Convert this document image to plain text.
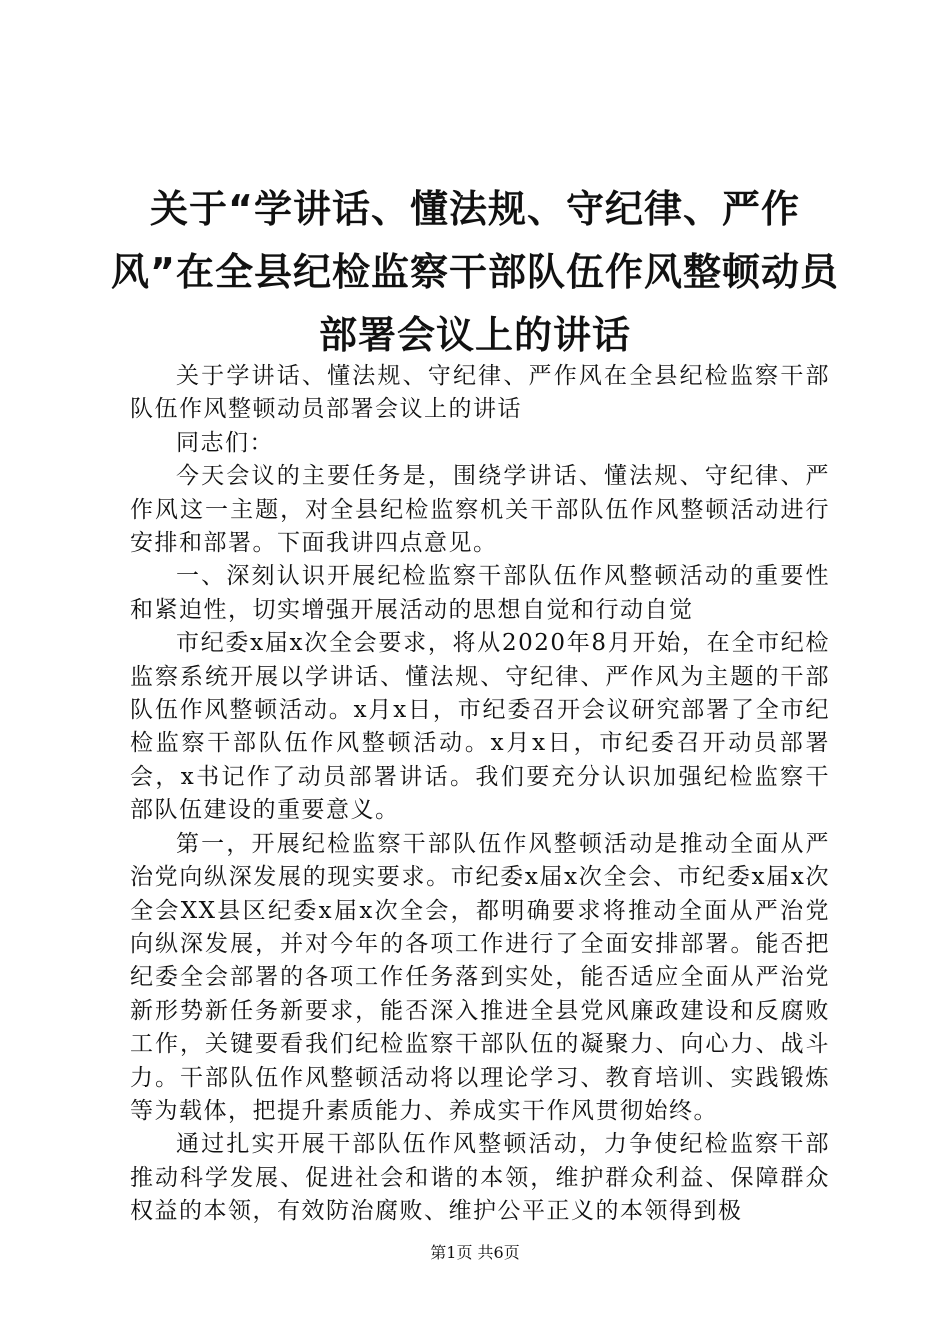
关于“学讲话、懂法规、守纪律、严作风”在全县纪检监察干部队伍作风整顿动员部署会议上的讲话

关于学讲话、懂法规、守纪律、严作风在全县纪检监察干部队伍作风整顿动员部署会议上的讲话

同志们：

今天会议的主要任务是，围绕学讲话、懂法规、守纪律、严作风这一主题，对全县纪检监察机关干部队伍作风整顿活动进行安排和部署。下面我讲四点意见。

一、深刻认识开展纪检监察干部队伍作风整顿活动的重要性和紧迫性，切实增强开展活动的思想自觉和行动自觉

市纪委x届x次全会要求，将从2020年8月开始，在全市纪检监察系统开展以学讲话、懂法规、守纪律、严作风为主题的干部队伍作风整顿活动。x月x日，市纪委召开会议研究部署了全市纪检监察干部队伍作风整顿活动。x月x日，市纪委召开动员部署会，x书记作了动员部署讲话。我们要充分认识加强纪检监察干部队伍建设的重要意义。

第一，开展纪检监察干部队伍作风整顿活动是推动全面从严治党向纵深发展的现实要求。市纪委x届x次全会、市纪委x届x次全会XX县区纪委x届x次全会，都明确要求将推动全面从严治党向纵深发展，并对今年的各项工作进行了全面安排部署。能否把纪委全会部署的各项工作任务落到实处，能否适应全面从严治党新形势新任务新要求，能否深入推进全县党风廉政建设和反腐败工作，关键要看我们纪检监察干部队伍的凝聚力、向心力、战斗力。干部队伍作风整顿活动将以理论学习、教育培训、实践锻炼等为载体，把提升素质能力、养成实干作风贯彻始终。

通过扎实开展干部队伍作风整顿活动，力争使纪检监察干部推动科学发展、促进社会和谐的本领，维护群众利益、保障群众权益的本领，有效防治腐败、维护公平正义的本领得到极

第1页 共6页
